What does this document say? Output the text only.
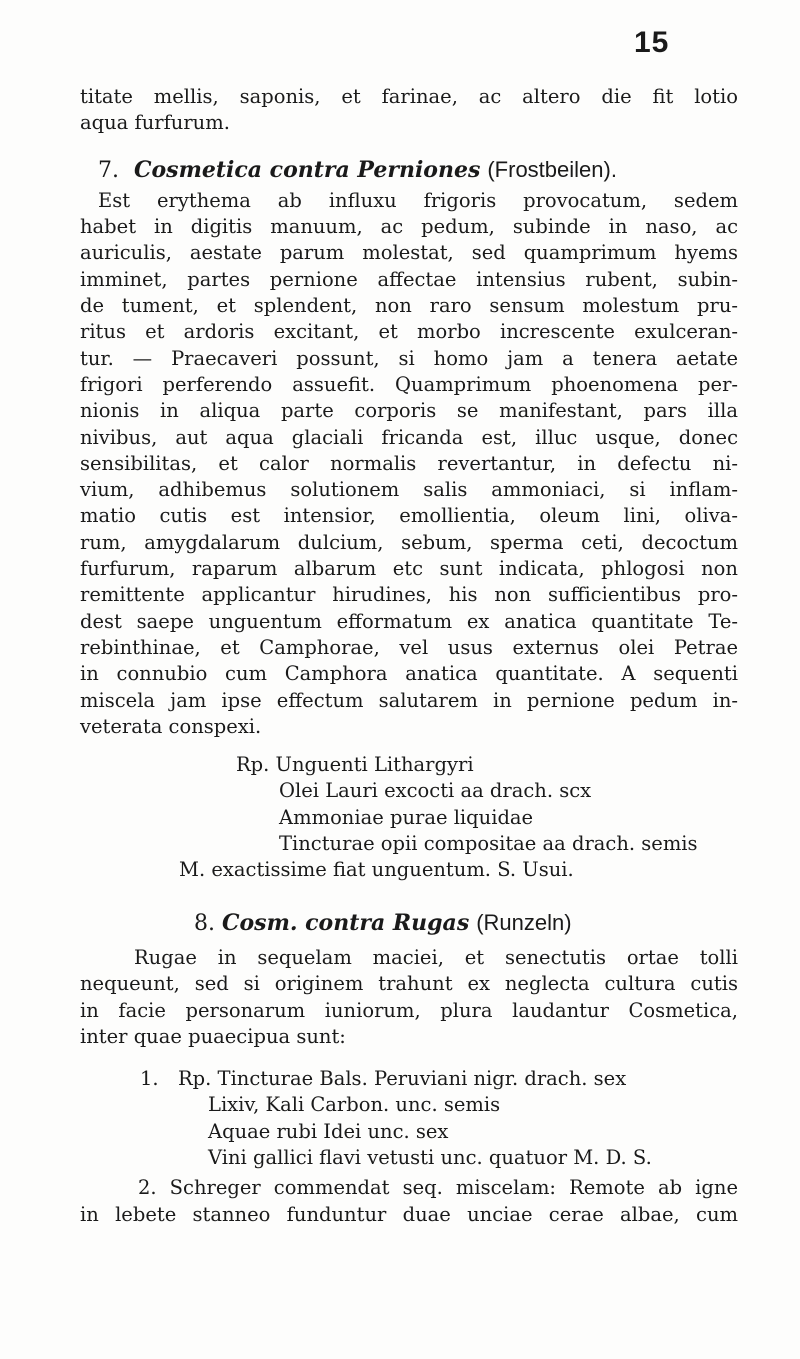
15
titate mellis, saponis, et farinae, ac altero die fit lotio
aqua furfurum.
7. Cosmetica contra Perniones (Frostbeilen).
Est erythema ab influxu frigoris provocatum, sedem
habet in digitis manuum, ac pedum, subinde in naso, ac
auriculis, aestate parum molestat, sed quamprimum hyems
imminet, partes pernione affectae intensius rubent, subin-
de tument, et splendent, non raro sensum molestum pru-
ritus et ardoris excitant, et morbo increscente exulceran-
tur. — Praecaveri possunt, si homo jam a tenera aetate
frigori perferendo assuefit. Quamprimum phoenomena per-
nionis in aliqua parte corporis se manifestant, pars illa
nivibus, aut aqua glaciali fricanda est, illuc usque, donec
sensibilitas, et calor normalis revertantur, in defectu ni-
vium, adhibemus solutionem salis ammoniaci, si inflam-
matio cutis est intensior, emollientia, oleum lini, oliva-
rum, amygdalarum dulcium, sebum, sperma ceti, decoctum
furfurum, raparum albarum etc sunt indicata, phlogosi non
remittente applicantur hirudines, his non sufficientibus pro-
dest saepe unguentum efformatum ex anatica quantitate Te-
rebinthinae, et Camphorae, vel usus externus olei Petrae
in connubio cum Camphora anatica quantitate. A sequenti
miscela jam ipse effectum salutarem in pernione pedum in-
veterata conspexi.
Rp. Unguenti Lithargyri
Olei Lauri excocti aa drach. scx
Ammoniae purae liquidae
Tincturae opii compositae aa drach. semis
M. exactissime fiat unguentum. S. Usui.
8. Cosm. contra Rugas (Runzeln)
Rugae in sequelam maciei, et senectutis ortae tolli
nequeunt, sed si originem trahunt ex neglecta cultura cutis
in facie personarum iuniorum, plura laudantur Cosmetica,
inter quae puaecipua sunt:
1. Rp. Tincturae Bals. Peruviani nigr. drach. sex
Lixiv, Kali Carbon. unc. semis
Aquae rubi Idei unc. sex
Vini gallici flavi vetusti unc. quatuor M. D. S.
2. Schreger commendat seq. miscelam: Remote ab igne
in lebete stanneo funduntur duae unciae cerae albae, cum
